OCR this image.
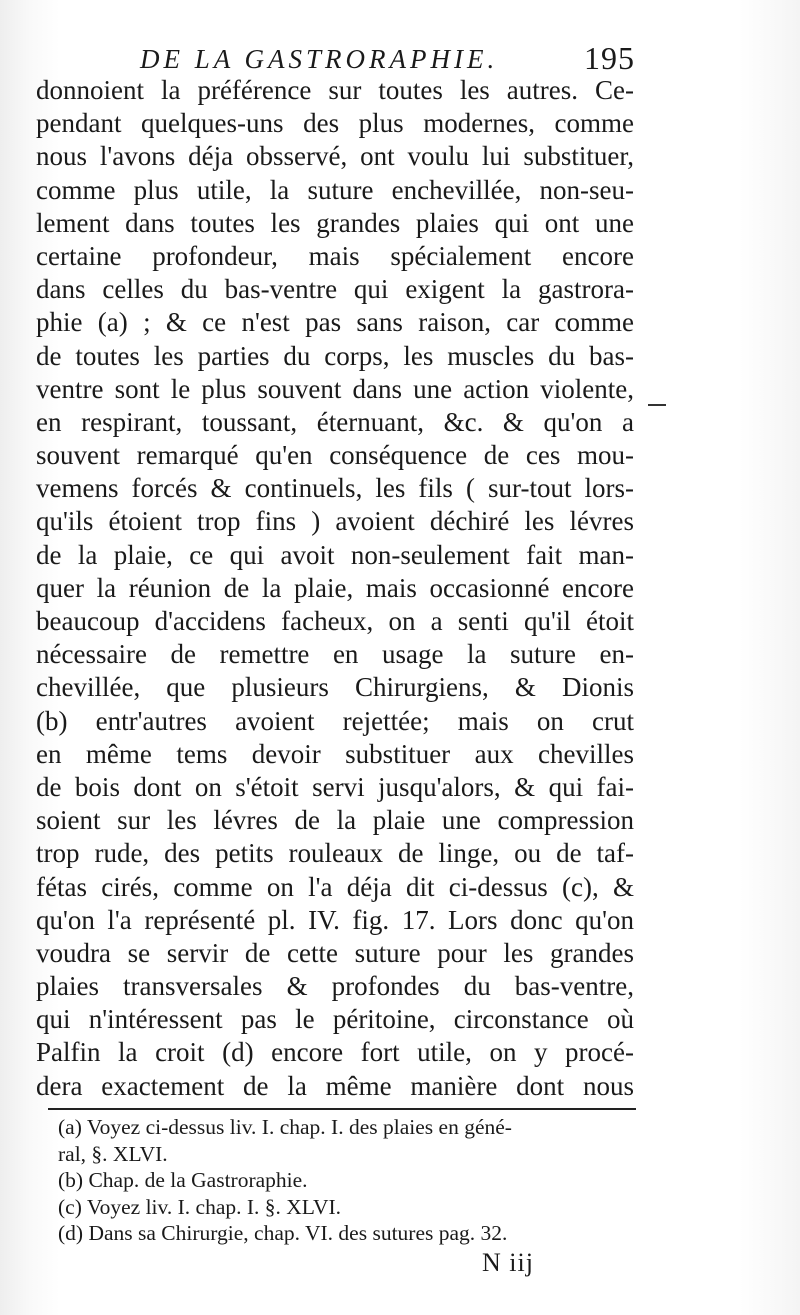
DE LA GASTRORAPHIE.	195
donnoient la préférence sur toutes les autres. Ce-
pendant quelques-uns des plus modernes, comme
nous l'avons déja obsservé, ont voulu lui substituer,
comme plus utile, la suture enchevillée, non-seu-
lement dans toutes les grandes plaies qui ont une
certaine profondeur, mais spécialement encore
dans celles du bas-ventre qui exigent la gastrora-
phie (a) ; & ce n'est pas sans raison, car comme
de toutes les parties du corps, les muscles du bas-
ventre sont le plus souvent dans une action violente,
en respirant, toussant, éternuant, &c. & qu'on a
souvent remarqué qu'en conséquence de ces mou-
vemens forcés & continuels, les fils ( sur-tout lors-
qu'ils étoient trop fins ) avoient déchiré les lévres
de la plaie, ce qui avoit non-seulement fait man-
quer la réunion de la plaie, mais occasionné encore
beaucoup d'accidens facheux, on a senti qu'il étoit
nécessaire de remettre en usage la suture en-
chevillée, que plusieurs Chirurgiens, & Dionis
(b) entr'autres avoient rejettée; mais on crut
en même tems devoir substituer aux chevilles
de bois dont on s'étoit servi jusqu'alors, & qui fai-
soient sur les lévres de la plaie une compression
trop rude, des petits rouleaux de linge, ou de taf-
fétas cirés, comme on l'a déja dit ci-dessus (c), &
qu'on l'a représenté pl. IV. fig. 17. Lors donc qu'on
voudra se servir de cette suture pour les grandes
plaies transversales & profondes du bas-ventre,
qui n'intéressent pas le péritoine, circonstance où
Palfin la croit (d) encore fort utile, on y procé-
dera exactement de la même manière dont nous
(a) Voyez ci-dessus liv. I. chap. I. des plaies en géné-
ral, §. XLVI.
(b) Chap. de la Gastroraphie.
(c) Voyez liv. I. chap. I. §. XLVI.
(d) Dans sa Chirurgie, chap. VI. des sutures pag. 32.
N iij
